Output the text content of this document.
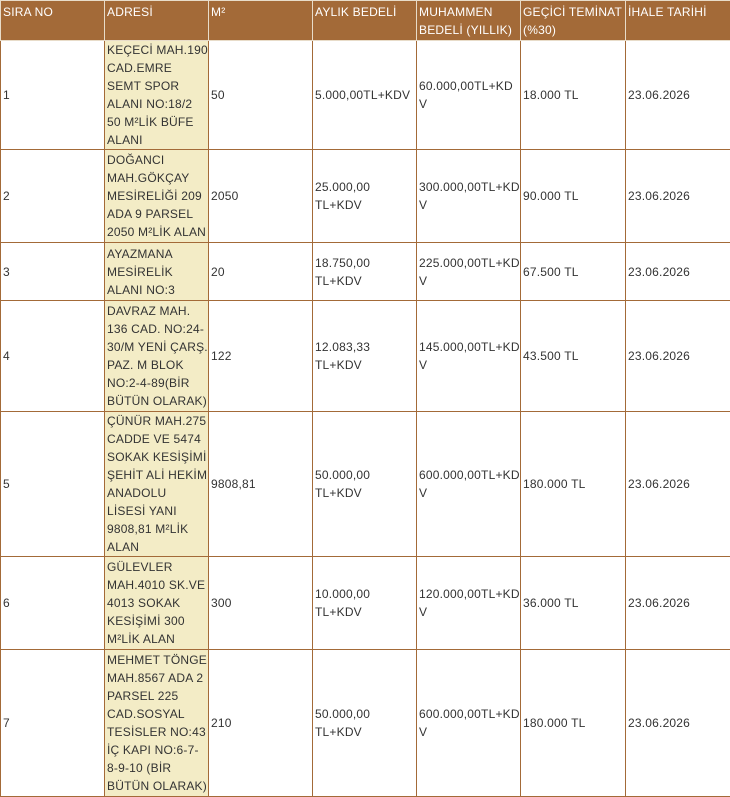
SIRA NO	ADRESİ	M²	AYLIK BEDELİ	MUHAMMEN BEDELİ (YILLIK)	GEÇİCİ TEMİNAT (%30)	İHALE TARİHİ
1	KEÇECİ MAH.190 CAD.EMRE SEMT SPOR ALANI NO:18/2 50 M²LİK BÜFE ALANI	50	5.000,00TL+KDV	60.000,00TL+KDV	18.000 TL	23.06.2026
2	DOĞANCI MAH.GÖKÇAY MESİRELİĞİ 209 ADA 9 PARSEL 2050 M²LİK ALAN	2050	25.000,00 TL+KDV	300.000,00TL+KDV	90.000 TL	23.06.2026
3	AYAZMANA MESİRELİK ALANI NO:3	20	18.750,00 TL+KDV	225.000,00TL+KDV	67.500 TL	23.06.2026
4	DAVRAZ MAH. 136 CAD. NO:24-30/M YENİ ÇARŞ. PAZ. M BLOK NO:2-4-89(BİR BÜTÜN OLARAK)	122	12.083,33 TL+KDV	145.000,00TL+KDV	43.500 TL	23.06.2026
5	ÇÜNÜR MAH.275 CADDE VE 5474 SOKAK KESİŞİMİ ŞEHİT ALİ HEKİM ANADOLU LİSESİ YANI 9808,81 M²LİK ALAN	9808,81	50.000,00 TL+KDV	600.000,00TL+KDV	180.000 TL	23.06.2026
6	GÜLEVLER MAH.4010 SK.VE 4013 SOKAK KESİŞİMİ 300 M²LİK ALAN	300	10.000,00 TL+KDV	120.000,00TL+KDV	36.000 TL	23.06.2026
7	MEHMET TÖNGE MAH.8567 ADA 2 PARSEL 225 CAD.SOSYAL TESİSLER NO:43 İÇ KAPI NO:6-7-8-9-10 (BİR BÜTÜN OLARAK)	210	50.000,00 TL+KDV	600.000,00TL+KDV	180.000 TL	23.06.2026
